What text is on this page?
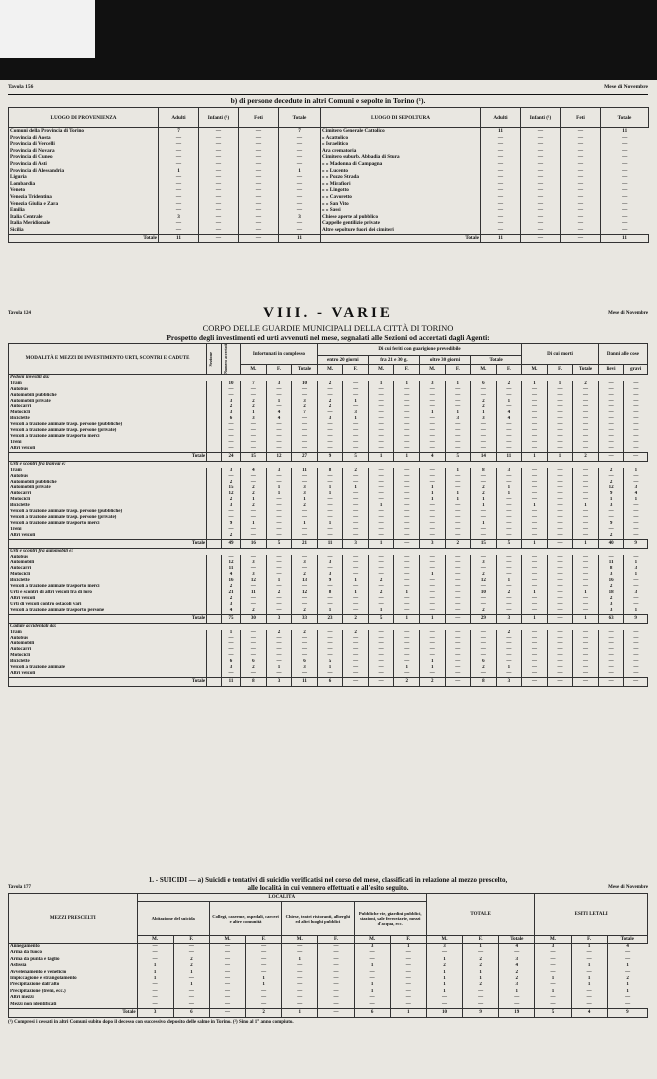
Tavola 156	Mese di Novembre
b) di persone decedute in altri Comuni e sepolte in Torino (¹).
LUOGO DI PROVENIENZA	Adulti	Infanti (¹)	Feti	Totale	LUOGO DI SEPOLTURA	Adulti	Infanti (¹)	Feti	Totale
Comuni della Provincia di Torino	7	—	—	7	Cimitero Generale Cattolico	11	—	—	11
Provincia di Aosta	—	—	—	—	» Acattolico	—	—	—	—
Provincia di Vercelli	—	—	—	—	» Israelitico	—	—	—	—
Provincia di Novara	—	—	—	—	Ara crematoria	—	—	—	—
Provincia di Cuneo	—	—	—	—	Cimitero suburb. Abbadia di Stura	—	—	—	—
Provincia di Asti	—	—	—	—	» » Madonna di Campagna	—	—	—	—
Provincia di Alessandria	1	—	—	1	» » Lucento	—	—	—	—
Liguria	—	—	—	—	» » Pozzo Strada	—	—	—	—
Lombardia	—	—	—	—	» » Mirafiori	—	—	—	—
Veneto	—	—	—	—	» » Lingotto	—	—	—	—
Venezia Tridentina	—	—	—	—	» » Cavoretto	—	—	—	—
Venezia Giulia e Zara	—	—	—	—	» » San Vito	—	—	—	—
Emilia	—	—	—	—	» » Sassi	—	—	—	—
Italia Centrale	3	—	—	3	Chiese aperte al pubblico	—	—	—	—
Italia Meridionale	—	—	—	—	Cappelle gentilizie private	—	—	—	—
Sicilia	—	—	—	—	Altre sepolture fuori dei cimiteri	—	—	—	—
Totale	11	—	—	11	Totale	11	—	—	11
Tavola 124	VIII. - VARIE	Mese di Novembre
CORPO DELLE GUARDIE MUNICIPALI DELLA CITTÀ DI TORINO
Prospetto degli investimenti ed urti avvenuti nel mese, segnalati alle Sezioni od accertati dagli Agenti:
MODALITÀ E MEZZI DI INVESTIMENTO URTI, SCONTRI E CADUTE	Sezione	Numero accertati	Infortunati in complesso			Di cui feriti con guarigione prevedibile								Di cui morti			Danni alle cose	
						entro 20 giorni		fra 21 e 30 g.		oltre 30 giorni		Totale						
			M.	F.	Totale	M.	F.	M.	F.	M.	F.	M.	F.	M.	F.	Totale	lievi	gravi
Pedoni investiti da:																		
Tram		10	7	3	10	2	—	1	1	3	1	6	2	1	1	2	—	—
Autobus		—	—	—	—	—	—	—	—	—	—	—	—	—	—	—	—	—
Automobili pubbliche		—	—	—	—	—	—	—	—	—	—	—	—	—	—	—	—	—
Automobili private		3	2	1	3	2	1	—	—	—	—	2	1	—	—	—	—	—
Autocarri		2	2	—	2	2	—	—	—	—	—	2	—	—	—	—	—	—
Motocicli		3	1	4	7	—	3	—	—	1	1	1	4	—	—	—	—	—
Biciclette		6	3	4	—	3	1	—	—	—	3	3	4	—	—	—	—	—
Veicoli a trazione animale trasp. persone (pubbliche)		—	—	—	—	—	—	—	—	—	—	—	—	—	—	—	—	—
Veicoli a trazione animale trasp. persone (private)		—	—	—	—	—	—	—	—	—	—	—	—	—	—	—	—	—
Veicoli a trazione animale trasporto merci		—	—	—	—	—	—	—	—	—	—	—	—	—	—	—	—	—
Treni		—	—	—	—	—	—	—	—	—	—	—	—	—	—	—	—	—
Altri veicoli		—	—	—	—	—	—	—	—	—	—	—	—	—	—	—	—	—
Totale		24	15	12	27	9	5	1	1	4	5	14	11	1	1	2	—	—
Urti e scontri fra tranvai e:																		
Tram		3	4	3	11	8	2	—	—	—	1	8	3	—	—	—	2	1
Autobus		—	—	—	—	—	—	—	—	—	—	—	—	—	—	—	—	—
Automobili pubbliche		2	—	—	—	—	—	—	—	—	—	—	—	—	—	—	2	—
Automobili private		15	2	1	3	1	1	—	—	1	—	2	1	—	—	—	12	3
Autocarri		12	2	1	3	1	—	—	—	1	1	2	1	—	—	—	9	4
Motocicli		2	1	—	1	—	—	—	—	1	1	1	—	—	—	—	1	1
Biciclette		3	2	—	2	—	—	1	—	—	—	1	—	1	—	1	3	—
Veicoli a trazione animale trasp. persone (pubbliche)		—	—	—	—	—	—	—	—	—	—	—	—	—	—	—	—	—
Veicoli a trazione animale trasp. persone (private)		—	—	—	—	—	—	—	—	—	—	—	—	—	—	—	—	—
Veicoli a trazione animale trasporto merci		9	1	—	1	1	—	—	—	—	—	1	—	—	—	—	9	—
Treni		—	—	—	—	—	—	—	—	—	—	—	—	—	—	—	—	—
Altri veicoli		2	—	—	—	—	—	—	—	—	—	—	—	—	—	—	2	—
Totale		49	16	5	21	11	3	1	—	3	2	15	5	1	—	1	40	9
Urti e scontri fra automobili e:																		
Autobus		—	—	—	—	—	—	—	—	—	—	—	—	—	—	—	—	—
Automobili		12	3	—	3	3	—	—	—	—	—	3	—	—	—	—	11	1
Autocarri		11	—	—	—	—	—	—	—	—	—	—	—	—	—	—	8	3
Motocicli		4	3	—	2	3	—	—	—	1	—	2	—	—	—	—	3	1
Biciclette		16	12	1	13	9	1	2	—	—	—	12	1	—	—	—	16	—
Veicoli a trazione animale trasporto merci		2	—	—	—	—	—	—	—	—	—	—	—	—	—	—	2	—
Urti e scontri di altri veicoli fra di loro		21	11	2	12	8	1	2	1	—	—	10	2	1	—	1	18	3
Altri veicoli		2	—	—	—	—	—	—	—	—	—	—	—	—	—	—	2	—
Urti di veicoli contro ostacoli vari		3	—	—	—	—	—	—	—	—	—	—	—	—	—	—	3	—
Veicoli a trazione animale trasporto persone		4	2	—	2	1	—	1	—	—	—	2	—	—	—	—	3	1
Totale		75	30	3	33	23	2	5	1	1	—	29	3	1	—	1	63	9
Cadute accidentali da:																		
Tram		1	—	2	2	—	2	—	—	—	—	—	2	—	—	—	—	—
Autobus		—	—	—	—	—	—	—	—	—	—	—	—	—	—	—	—	—
Automobili		—	—	—	—	—	—	—	—	—	—	—	—	—	—	—	—	—
Autocarri		—	—	—	—	—	—	—	—	—	—	—	—	—	—	—	—	—
Motocicli		—	—	—	—	—	—	—	—	—	—	—	—	—	—	—	—	—
Biciclette		6	6	—	6	5	—	—	—	1	—	6	—	—	—	—	—	—
Veicoli a trazione animale		3	2	1	3	1	—	—	1	1	—	2	1	—	—	—	—	—
Altri veicoli		—	—	—	—	—	—	—	—	—	—	—	—	—	—	—	—	—
Totale		11	8	3	11	6	—	—	2	2	—	8	3	—	—	—	—	—
1. - SUICIDI — a) Suicidi e tentativi di suicidio verificatisi nel corso del mese, classificati in relazione al mezzo prescelto,
Tavola 177	alle località in cui vennero effettuati e all'esito seguito.	Mese di Novembre
MEZZI PRESCELTI	LOCALITÀ								TOTALE			ESITI LETALI		
	Abitazione del suicida		Collegi, caserme, ospedali, carceri e altre comunità		Chiese, teatri ristoranti, alberghi ed altri luoghi pubblici		Pubbliche vie, giardini pubblici, stazioni, sale ferroviarie, mezzi d'acqua, ecc.							
	M.	F.	M.	F.	M.	F.	M.	F.	M.	F.	Totale	M.	F.	Totale
Annegamento	—	—	—	—	—	—	3	1	3	1	4	3	1	4
Arma da fuoco	—	—	—	—	—	—	—	—	—	—	—	—	—	—
Arma da punta e taglio	—	2	—	—	1	—	—	—	1	2	3	—	—	—
Asfissia	1	2	—	—	—	—	1	—	2	2	4	—	1	1
Avvelenamento e veneficio	1	1	—	—	—	—	—	—	1	1	2	—	—	—
Impiccagione e strangolamento	1	—	—	1	—	—	—	—	1	1	2	1	1	2
Precipitazione dall'alto	—	1	—	1	—	—	1	—	1	2	3	—	1	1
Precipitazione (treni, ecc.)	—	—	—	—	—	—	1	—	1	—	1	1	—	1
Altri mezzi	—	—	—	—	—	—	—	—	—	—	—	—	—	—
Mezzi non identificati	—	—	—	—	—	—	—	—	—	—	—	—	—	—
Totale	3	6	—	2	1	—	6	1	10	9	19	5	4	9
(¹) Compresi i cessati in altri Comuni subito dopo il decesso con successivo deposito delle salme in Torino. (²) Sino al 1° anno compiuto.
